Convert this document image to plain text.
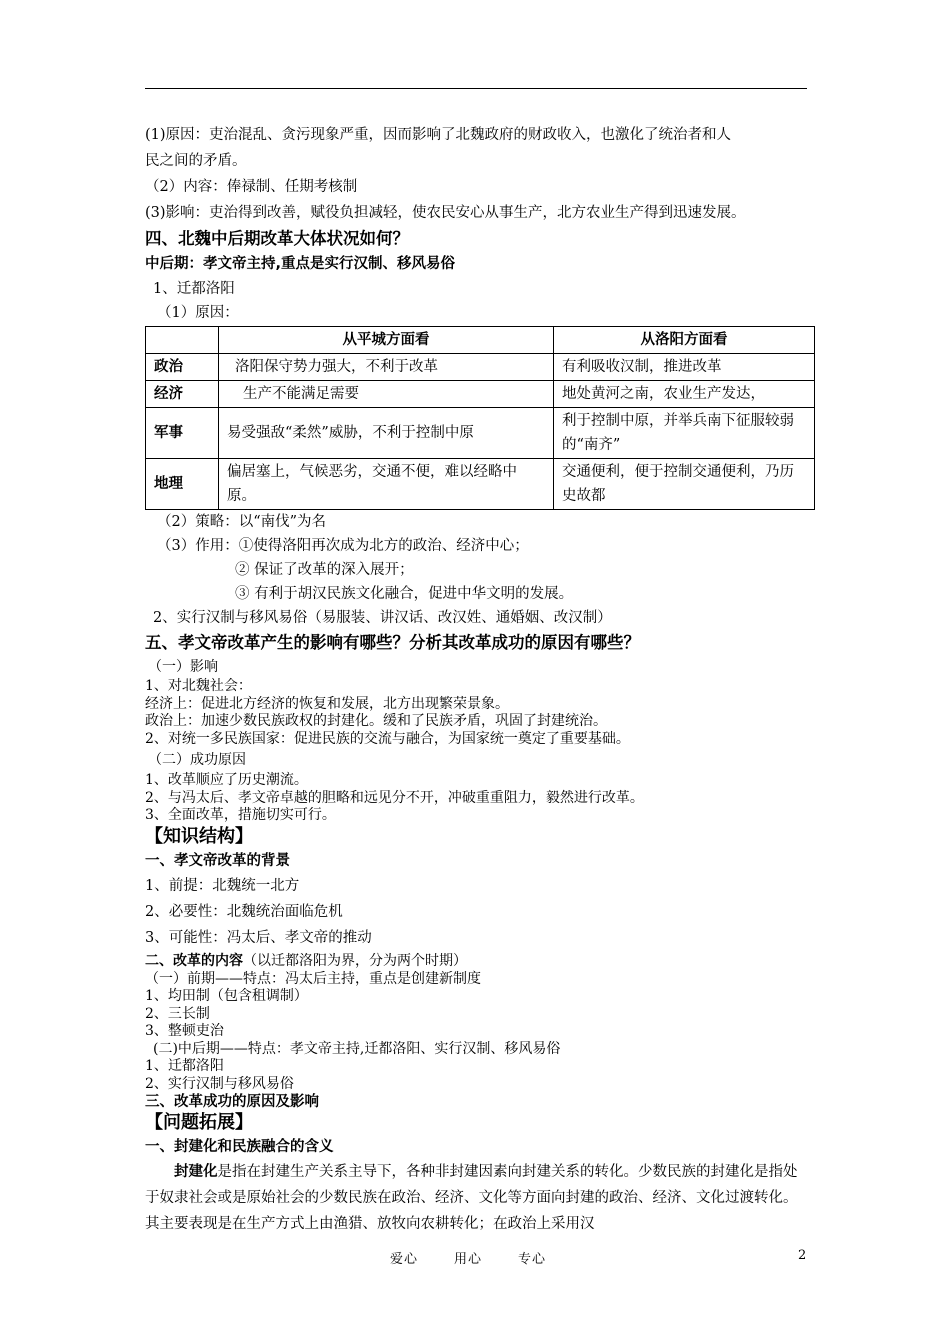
(1)原因：吏治混乱、贪污现象严重，因而影响了北魏政府的财政收入，也激化了统治者和人
民之间的矛盾。
（2）内容：俸禄制、任期考核制
(3)影响：吏治得到改善，赋役负担减轻，使农民安心从事生产，北方农业生产得到迅速发展。
四、北魏中后期改革大体状况如何？
中后期：孝文帝主持,重点是实行汉制、移风易俗
1、迁都洛阳
（1）原因：
	从平城方面看	从洛阳方面看
政治	洛阳保守势力强大，不利于改革	有利吸收汉制，推进改革
经济	生产不能满足需要	地处黄河之南，农业生产发达，
军事	易受强敌“柔然”威胁，不利于控制中原	利于控制中原，并举兵南下征服较弱的“南齐”
地理	偏居塞上，气候恶劣，交通不便，难以经略中原。	交通便利，便于控制交通便利，乃历史故都
（2）策略：以“南伐”为名
（3）作用：①使得洛阳再次成为北方的政治、经济中心；
② 保证了改革的深入展开；
③ 有利于胡汉民族文化融合，促进中华文明的发展。
2、实行汉制与移风易俗（易服装、讲汉话、改汉姓、通婚姻、改汉制）
五、孝文帝改革产生的影响有哪些？分析其改革成功的原因有哪些？
（一）影响
1、对北魏社会：
经济上：促进北方经济的恢复和发展，北方出现繁荣景象。
政治上：加速少数民族政权的封建化。缓和了民族矛盾，巩固了封建统治。
2、对统一多民族国家：促进民族的交流与融合，为国家统一奠定了重要基础。
（二）成功原因
1、改革顺应了历史潮流。
2、与冯太后、孝文帝卓越的胆略和远见分不开，冲破重重阻力，毅然进行改革。
3、全面改革，措施切实可行。
【知识结构】
一、孝文帝改革的背景
1、前提：北魏统一北方
2、必要性：北魏统治面临危机
3、可能性：冯太后、孝文帝的推动
二、改革的内容（以迁都洛阳为界，分为两个时期）
（一）前期——特点：冯太后主持，重点是创建新制度
1、均田制（包含租调制）
2、三长制
3、整顿吏治
(二)中后期——特点：孝文帝主持,迁都洛阳、实行汉制、移风易俗
1、迁都洛阳
2、实行汉制与移风易俗
三、改革成功的原因及影响
【问题拓展】
一、封建化和民族融合的含义
封建化是指在封建生产关系主导下，各种非封建因素向封建关系的转化。少数民族的封建化是指处于奴隶社会或是原始社会的少数民族在政治、经济、文化等方面向封建的政治、经济、文化过渡转化。其主要表现是在生产方式上由渔猎、放牧向农耕转化；在政治上采用汉
爱心	用心	专心	2
